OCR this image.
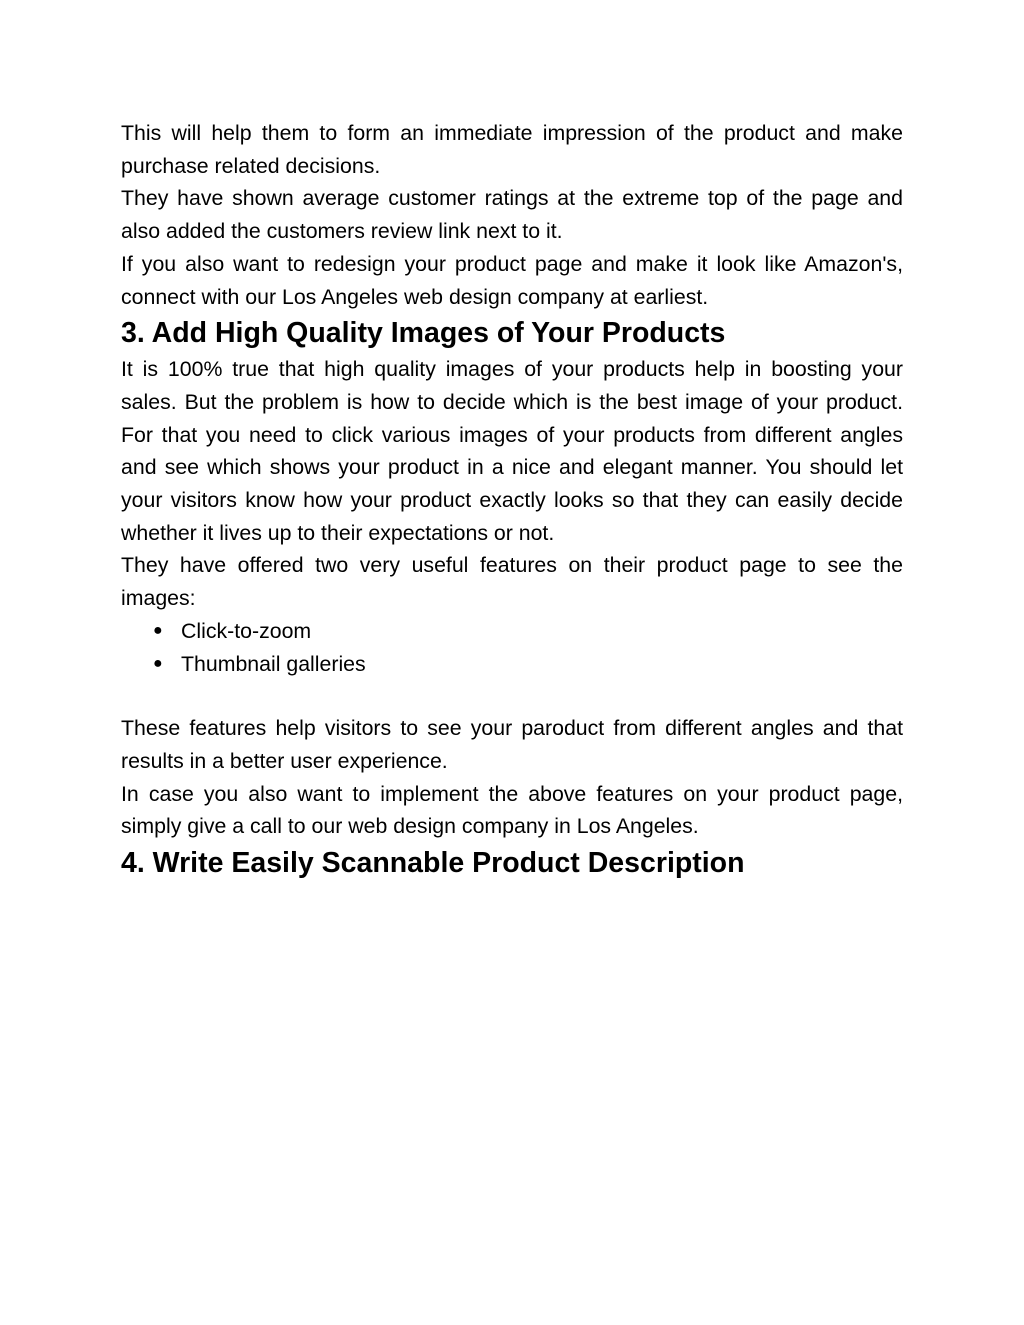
This will help them to form an immediate impression of the product and make purchase related decisions.

They have shown average customer ratings at the extreme top of the page and also added the customers review link next to it.

If you also want to redesign your product page and make it look like Amazon's, connect with our Los Angeles web design company at earliest.

3. Add High Quality Images of Your Products

It is 100% true that high quality images of your products help in boosting your sales. But the problem is how to decide which is the best image of your product. For that you need to click various images of your products from different angles and see which shows your product in a nice and elegant manner. You should let your visitors know how your product exactly looks so that they can easily decide whether it lives up to their expectations or not.

They have offered two very useful features on their product page to see the images:

● Click-to-zoom
● Thumbnail galleries

These features help visitors to see your paroduct from different angles and that results in a better user experience.

In case you also want to implement the above features on your product page, simply give a call to our web design company in Los Angeles.

4. Write Easily Scannable Product Description
